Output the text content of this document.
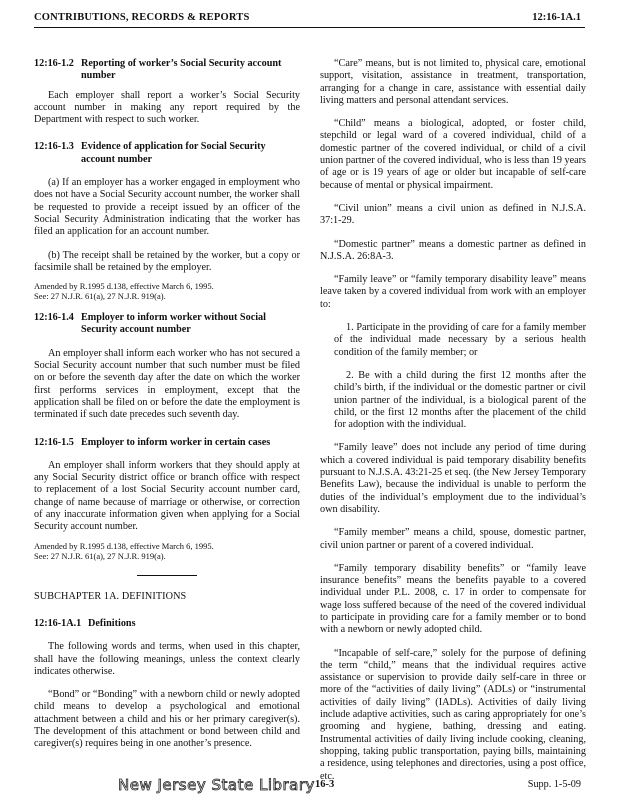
CONTRIBUTIONS, RECORDS & REPORTS	12:16-1A.1
12:16-1.2 Reporting of worker’s Social Security account number

Each employer shall report a worker’s Social Security account number in making any report required by the Department with respect to such worker.

12:16-1.3 Evidence of application for Social Security account number

(a) If an employer has a worker engaged in employment who does not have a Social Security account number, the worker shall be requested to provide a receipt issued by an officer of the Social Security Administration indicating that the worker has filed an application for an account number.

(b) The receipt shall be retained by the worker, but a copy or facsimile shall be retained by the employer.

Amended by R.1995 d.138, effective March 6, 1995.
See: 27 N.J.R. 61(a), 27 N.J.R. 919(a).
12:16-1.4 Employer to inform worker without Social Security account number

An employer shall inform each worker who has not secured a Social Security account number that such number must be filed on or before the seventh day after the date on which the worker first performs services in employment, except that the application shall be filed on or before the date the employment is terminated if such date precedes such seventh day.

12:16-1.5 Employer to inform worker in certain cases

An employer shall inform workers that they should apply at any Social Security district office or branch office with respect to replacement of a lost Social Security account number card, change of name because of marriage or otherwise, or correction of any inaccurate information given when applying for a Social Security account number.

Amended by R.1995 d.138, effective March 6, 1995.
See: 27 N.J.R. 61(a), 27 N.J.R. 919(a).
SUBCHAPTER 1A. DEFINITIONS
12:16-1A.1 Definitions

The following words and terms, when used in this chapter, shall have the following meanings, unless the context clearly indicates otherwise.

“Bond” or “Bonding” with a newborn child or newly adopted child means to develop a psychological and emotional attachment between a child and his or her primary caregiver(s). The development of this attachment or bond between child and caregiver(s) requires being in one another’s presence.

“Care” means, but is not limited to, physical care, emotional support, visitation, assistance in treatment, transportation, arranging for a change in care, assistance with essential daily living matters and personal attendant services.

“Child” means a biological, adopted, or foster child, stepchild or legal ward of a covered individual, child of a domestic partner of the covered individual, or child of a civil union partner of the covered individual, who is less than 19 years of age or is 19 years of age or older but incapable of self-care because of mental or physical impairment.

“Civil union” means a civil union as defined in N.J.S.A. 37:1-29.

“Domestic partner” means a domestic partner as defined in N.J.S.A. 26:8A-3.

“Family leave” or “family temporary disability leave” means leave taken by a covered individual from work with an employer to:

1. Participate in the providing of care for a family member of the individual made necessary by a serious health condition of the family member; or

2. Be with a child during the first 12 months after the child’s birth, if the individual or the domestic partner or civil union partner of the individual, is a biological parent of the child, or the first 12 months after the placement of the child for adoption with the individual.

“Family leave” does not include any period of time during which a covered individual is paid temporary disability benefits pursuant to N.J.S.A. 43:21-25 et seq. (the New Jersey Temporary Benefits Law), because the individual is unable to perform the duties of the individual’s employment due to the individual’s own disability.

“Family member” means a child, spouse, domestic partner, civil union partner or parent of a covered individual.

“Family temporary disability benefits” or “family leave insurance benefits” means the benefits payable to a covered individual under P.L. 2008, c. 17 in order to compensate for wage loss suffered because of the need of the covered individual to participate in providing care for a family member or to bond with a newborn or newly adopted child.

“Incapable of self-care,” solely for the purpose of defining the term “child,” means that the individual requires active assistance or supervision to provide daily self-care in three or more of the “activities of daily living” (ADLs) or “instrumental activities of daily living” (IADLs). Activities of daily living include adaptive activities, such as caring appropriately for one’s grooming and hygiene, bathing, dressing and eating. Instrumental activities of daily living include cooking, cleaning, shopping, taking public transportation, paying bills, maintaining a residence, using telephones and directories, using a post office, etc.

New Jersey State Library 16-3	Supp. 1-5-09
